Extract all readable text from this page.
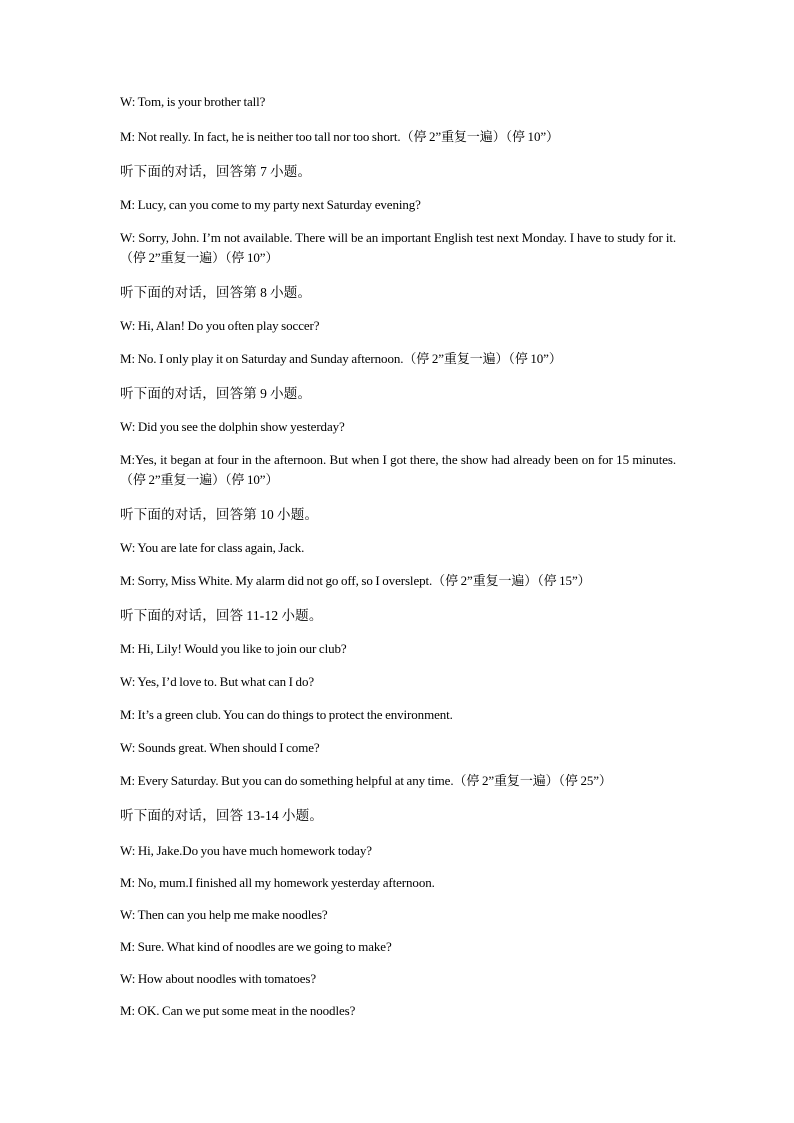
W: Tom, is your brother tall?

M: Not really. In fact, he is neither too tall nor too short.（停 2”重复一遍）（停 10”）

听下面的对话，回答第 7 小题。

M: Lucy, can you come to my party next Saturday evening?

W: Sorry, John. I’m not available. There will be an important English test next Monday. I have to study for it.（停 2”重复一遍）（停 10”）

听下面的对话，回答第 8 小题。

W: Hi, Alan! Do you often play soccer?

M: No. I only play it on Saturday and Sunday afternoon.（停 2”重复一遍）（停 10”）

听下面的对话，回答第 9 小题。

W: Did you see the dolphin show yesterday?

M:Yes, it began at four in the afternoon. But when I got there, the show had already been on for 15 minutes.（停 2”重复一遍）（停 10”）

听下面的对话，回答第 10 小题。

W: You are late for class again, Jack.

M: Sorry, Miss White. My alarm did not go off, so I overslept.（停 2”重复一遍）（停 15”）

听下面的对话，回答 11-12 小题。

M: Hi, Lily! Would you like to join our club?

W: Yes, I’d love to. But what can I do?

M: It’s a green club. You can do things to protect the environment.

W: Sounds great. When should I come?

M: Every Saturday. But you can do something helpful at any time.（停 2”重复一遍）（停 25”）

听下面的对话，回答 13-14 小题。

W: Hi, Jake.Do you have much homework today?

M: No, mum.I finished all my homework yesterday afternoon.

W: Then can you help me make noodles?

M: Sure. What kind of noodles are we going to make?

W: How about noodles with tomatoes?

M: OK. Can we put some meat in the noodles?
